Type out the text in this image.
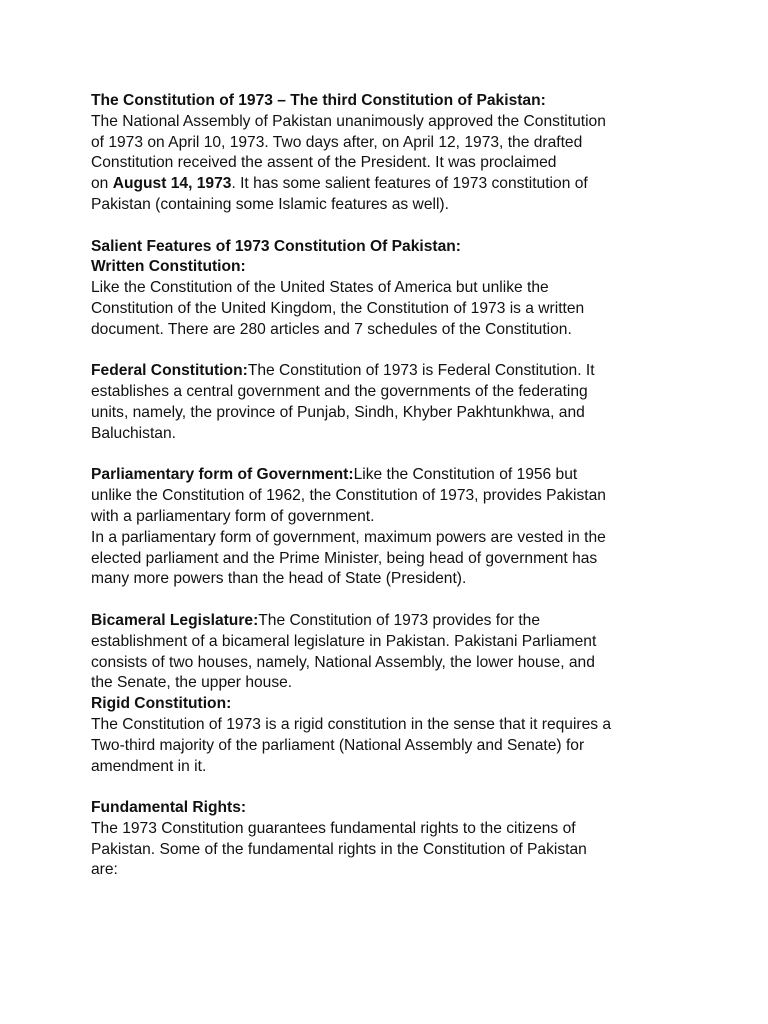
The Constitution of 1973 – The third Constitution of Pakistan:
The National Assembly of Pakistan unanimously approved the Constitution
of 1973 on April 10, 1973. Two days after, on April 12, 1973, the drafted
Constitution received the assent of the President. It was proclaimed
on August 14, 1973. It has some salient features of 1973 constitution of
Pakistan (containing some Islamic features as well).
Salient Features of 1973 Constitution Of Pakistan:
Written Constitution:
Like the Constitution of the United States of America but unlike the
Constitution of the United Kingdom, the Constitution of 1973 is a written
document. There are 280 articles and 7 schedules of the Constitution.
Federal Constitution:The Constitution of 1973 is Federal Constitution. It
establishes a central government and the governments of the federating
units, namely, the province of Punjab, Sindh, Khyber Pakhtunkhwa, and
Baluchistan.
Parliamentary form of Government:Like the Constitution of 1956 but
unlike the Constitution of 1962, the Constitution of 1973, provides Pakistan
with a parliamentary form of government.
In a parliamentary form of government, maximum powers are vested in the
elected parliament and the Prime Minister, being head of government has
many more powers than the head of State (President).
Bicameral Legislature:The Constitution of 1973 provides for the
establishment of a bicameral legislature in Pakistan. Pakistani Parliament
consists of two houses, namely, National Assembly, the lower house, and
the Senate, the upper house.
Rigid Constitution:
The Constitution of 1973 is a rigid constitution in the sense that it requires a
Two-third majority of the parliament (National Assembly and Senate) for
amendment in it.
Fundamental Rights:
The 1973 Constitution guarantees fundamental rights to the citizens of
Pakistan. Some of the fundamental rights in the Constitution of Pakistan
are:
